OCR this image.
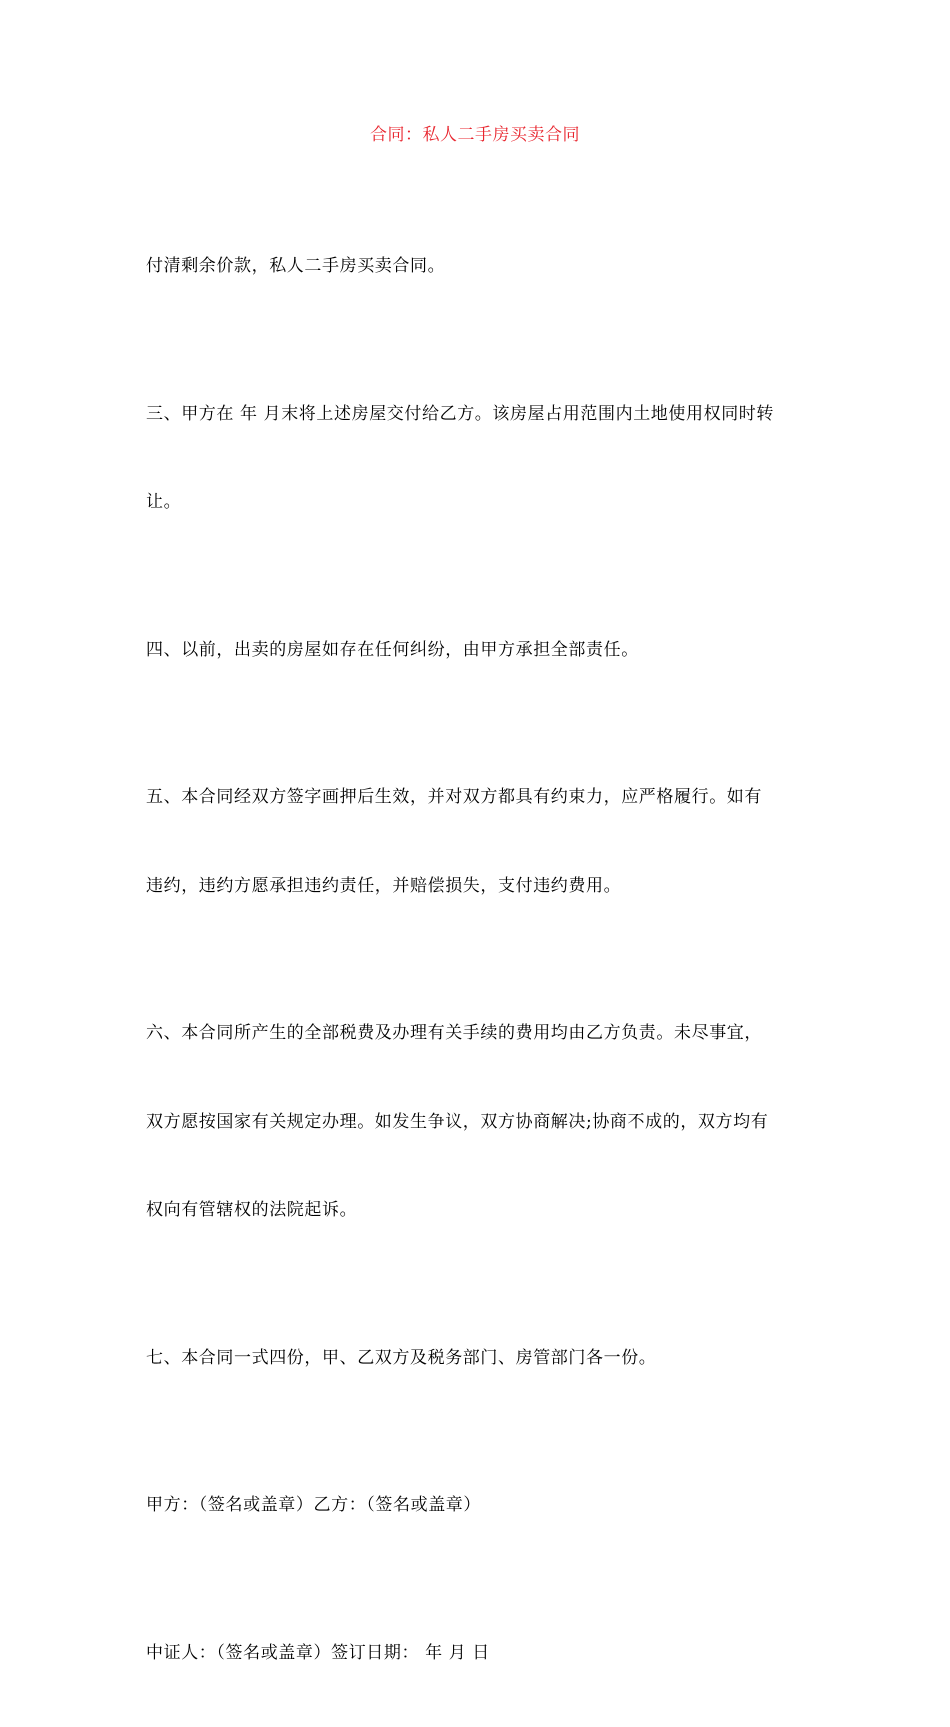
合同：私人二手房买卖合同

付清剩余价款，私人二手房买卖合同。

三、甲方在 年 月末将上述房屋交付给乙方。该房屋占用范围内土地使用权同时转

让。

四、以前，出卖的房屋如存在任何纠纷，由甲方承担全部责任。

五、本合同经双方签字画押后生效，并对双方都具有约束力，应严格履行。如有

违约，违约方愿承担违约责任，并赔偿损失，支付违约费用。

六、本合同所产生的全部税费及办理有关手续的费用均由乙方负责。未尽事宜，

双方愿按国家有关规定办理。如发生争议，双方协商解决;协商不成的，双方均有

权向有管辖权的法院起诉。

七、本合同一式四份，甲、乙双方及税务部门、房管部门各一份。

甲方：（签名或盖章）乙方：（签名或盖章）

中证人：（签名或盖章）签订日期： 年 月 日
